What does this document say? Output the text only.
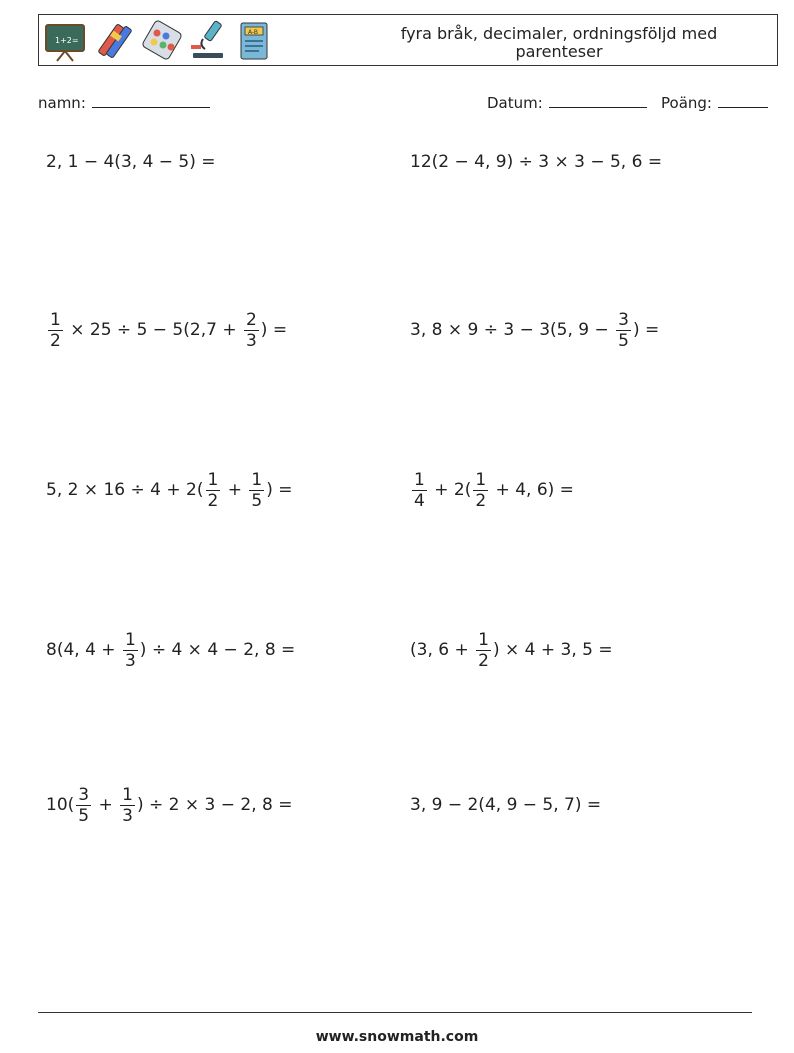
1+2=
A-B	fyra bråk, decimaler, ordningsföljd med parenteser
namn:	Datum:	Poäng:
2, 1 − 4(3, 4 − 5) =	12(2 − 4, 9) ÷ 3 × 3 − 5, 6 =
$\frac{1}{2} \times 25 \div 5 - 5(2,7 + \frac{2}{3}$ ) =	3, 8 × 9 ÷ 3 − 3(5, $9 - \frac{3}{5}$ ) =
5, $2 \times 16 \div 4 + 2( \frac{1}{2} + \frac{1}{5}$ ) =	$\frac{1}{4} + 2( \frac{1}{2} + 4$, 6) =
8(4, $4 + \frac{1}{3}$ ) ÷ 4 × 4 − 2, 8 =	(3, $6 + \frac{1}{2}$ ) × 4 + 3, 5 =
$10( \frac{3}{5} + \frac{1}{3}$ ) ÷ 2 × 3 − 2, 8 =	3, 9 − 2(4, 9 − 5, 7) =
www.snowmath.com
